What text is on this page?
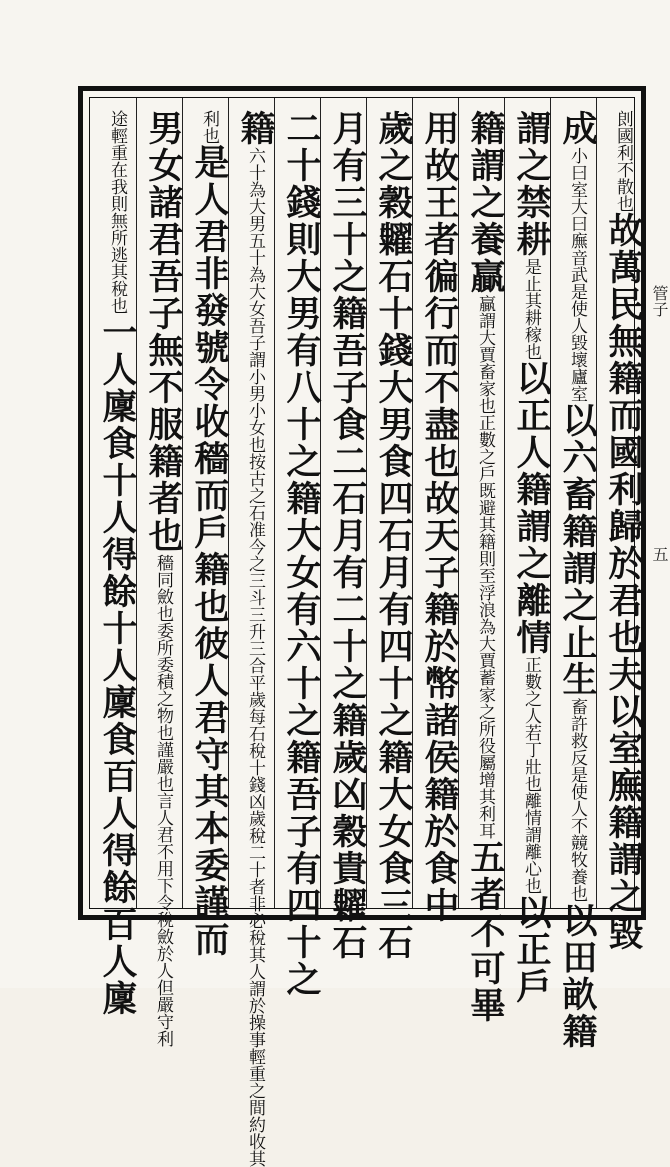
管子
五
剆國利不散也故萬民無籍而國利歸於君也夫以室廡籍謂之毀
成小曰室大曰廡音武是使人毀壞廬室以六畜籍謂之止生畜許救反是使人不竸牧養也以田畝籍
謂之禁耕是止其耕稼也以正人籍謂之離情正數之人若丁壯也離情謂離心也以正戶
籍謂之養贏贏謂大賈畜家也正數之戶既避其籍則至浮浪為大賈蓄家之所役屬增其利耳五者不可畢
用故王者徧行而不盡也故天子籍於幣諸侯籍於食中
歲之穀糶石十錢大男食四石月有四十之籍大女食三石
月有三十之籍吾子食二石月有二十之籍歲凶穀貴糶石
二十錢則大男有八十之籍大女有六十之籍吾子有四十之
籍六十為大男五十為大女吾子謂小男小女也按古之石准今之三斗三升三合平歲每石稅十錢凶歲稅二十者非必稅其人謂於操事輕重之間約收其
利也是人君非發號令收穡而戶籍也彼人君守其本委謹而
男女諸君吾子無不服籍者也穡同斂也委所委積之物也謹嚴也言人君不用下令稅斂於人但嚴守利
途輕重在我則無所逃其稅也一人廩食十人得餘十人廩食百人得餘百人廩
